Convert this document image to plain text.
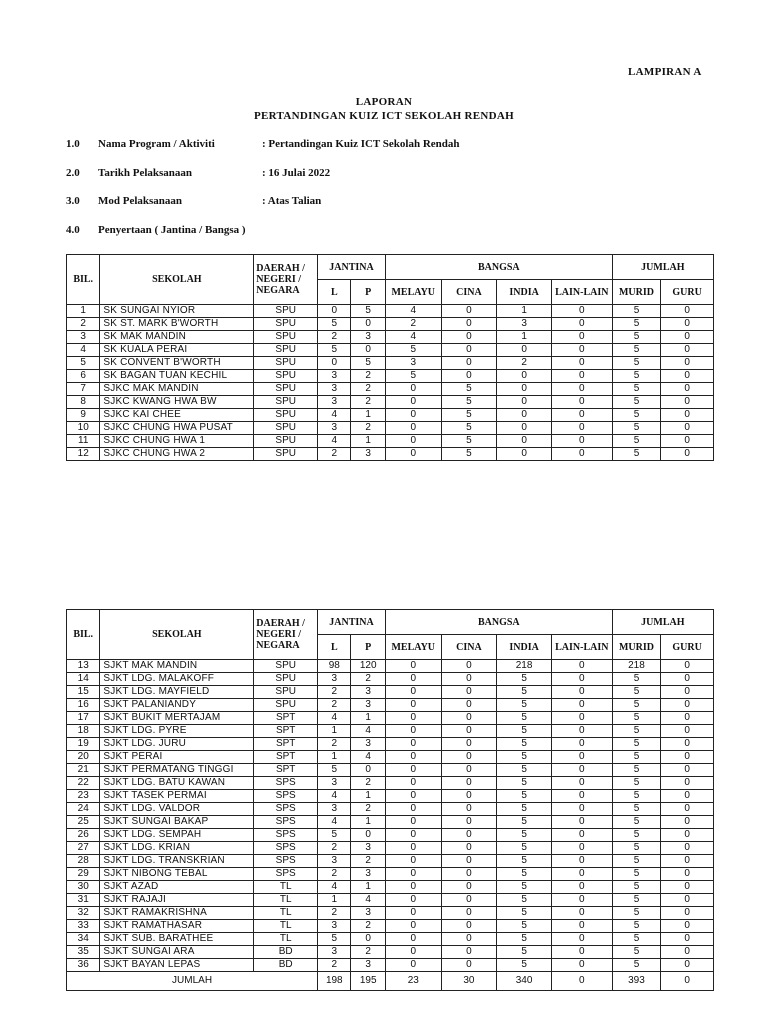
LAMPIRAN A
LAPORAN
PERTANDINGAN KUIZ ICT SEKOLAH RENDAH
1.0 Nama Program / Aktiviti	: Pertandingan Kuiz ICT Sekolah Rendah
2.0 Tarikh Pelaksanaan	: 16 Julai 2022
3.0 Mod Pelaksanaan	: Atas Talian
4.0 Penyertaan ( Jantina / Bangsa )
BIL.	SEKOLAH	DAERAH / NEGERI / NEGARA	JANTINA		BANGSA				JUMLAH	
			L	P	MELAYU	CINA	INDIA	LAIN-LAIN	MURID	GURU
1	SK SUNGAI NYIOR	SPU	0	5	4	0	1	0	5	0
2	SK ST. MARK B'WORTH	SPU	5	0	2	0	3	0	5	0
3	SK MAK MANDIN	SPU	2	3	4	0	1	0	5	0
4	SK KUALA PERAI	SPU	5	0	5	0	0	0	5	0
5	SK CONVENT B'WORTH	SPU	0	5	3	0	2	0	5	0
6	SK BAGAN TUAN KECHIL	SPU	3	2	5	0	0	0	5	0
7	SJKC MAK MANDIN	SPU	3	2	0	5	0	0	5	0
8	SJKC KWANG HWA BW	SPU	3	2	0	5	0	0	5	0
9	SJKC KAI CHEE	SPU	4	1	0	5	0	0	5	0
10	SJKC CHUNG HWA PUSAT	SPU	3	2	0	5	0	0	5	0
11	SJKC CHUNG HWA 1	SPU	4	1	0	5	0	0	5	0
12	SJKC CHUNG HWA 2	SPU	2	3	0	5	0	0	5	0
BIL.	SEKOLAH	DAERAH / NEGERI / NEGARA	JANTINA		BANGSA				JUMLAH	
			L	P	MELAYU	CINA	INDIA	LAIN-LAIN	MURID	GURU
13	SJKT MAK MANDIN	SPU	98	120	0	0	218	0	218	0
14	SJKT LDG. MALAKOFF	SPU	3	2	0	0	5	0	5	0
15	SJKT LDG. MAYFIELD	SPU	2	3	0	0	5	0	5	0
16	SJKT PALANIANDY	SPU	2	3	0	0	5	0	5	0
17	SJKT BUKIT MERTAJAM	SPT	4	1	0	0	5	0	5	0
18	SJKT LDG. PYRE	SPT	1	4	0	0	5	0	5	0
19	SJKT LDG. JURU	SPT	2	3	0	0	5	0	5	0
20	SJKT PERAI	SPT	1	4	0	0	5	0	5	0
21	SJKT PERMATANG TINGGI	SPT	5	0	0	0	5	0	5	0
22	SJKT LDG. BATU KAWAN	SPS	3	2	0	0	5	0	5	0
23	SJKT TASEK PERMAI	SPS	4	1	0	0	5	0	5	0
24	SJKT LDG. VALDOR	SPS	3	2	0	0	5	0	5	0
25	SJKT SUNGAI BAKAP	SPS	4	1	0	0	5	0	5	0
26	SJKT LDG. SEMPAH	SPS	5	0	0	0	5	0	5	0
27	SJKT LDG. KRIAN	SPS	2	3	0	0	5	0	5	0
28	SJKT LDG. TRANSKRIAN	SPS	3	2	0	0	5	0	5	0
29	SJKT NIBONG TEBAL	SPS	2	3	0	0	5	0	5	0
30	SJKT AZAD	TL	4	1	0	0	5	0	5	0
31	SJKT RAJAJI	TL	1	4	0	0	5	0	5	0
32	SJKT RAMAKRISHNA	TL	2	3	0	0	5	0	5	0
33	SJKT RAMATHASAR	TL	3	2	0	0	5	0	5	0
34	SJKT SUB. BARATHEE	TL	5	0	0	0	5	0	5	0
35	SJKT SUNGAI ARA	BD	3	2	0	0	5	0	5	0
36	SJKT BAYAN LEPAS	BD	2	3	0	0	5	0	5	0
JUMLAH			198	195	23	30	340	0	393	0
